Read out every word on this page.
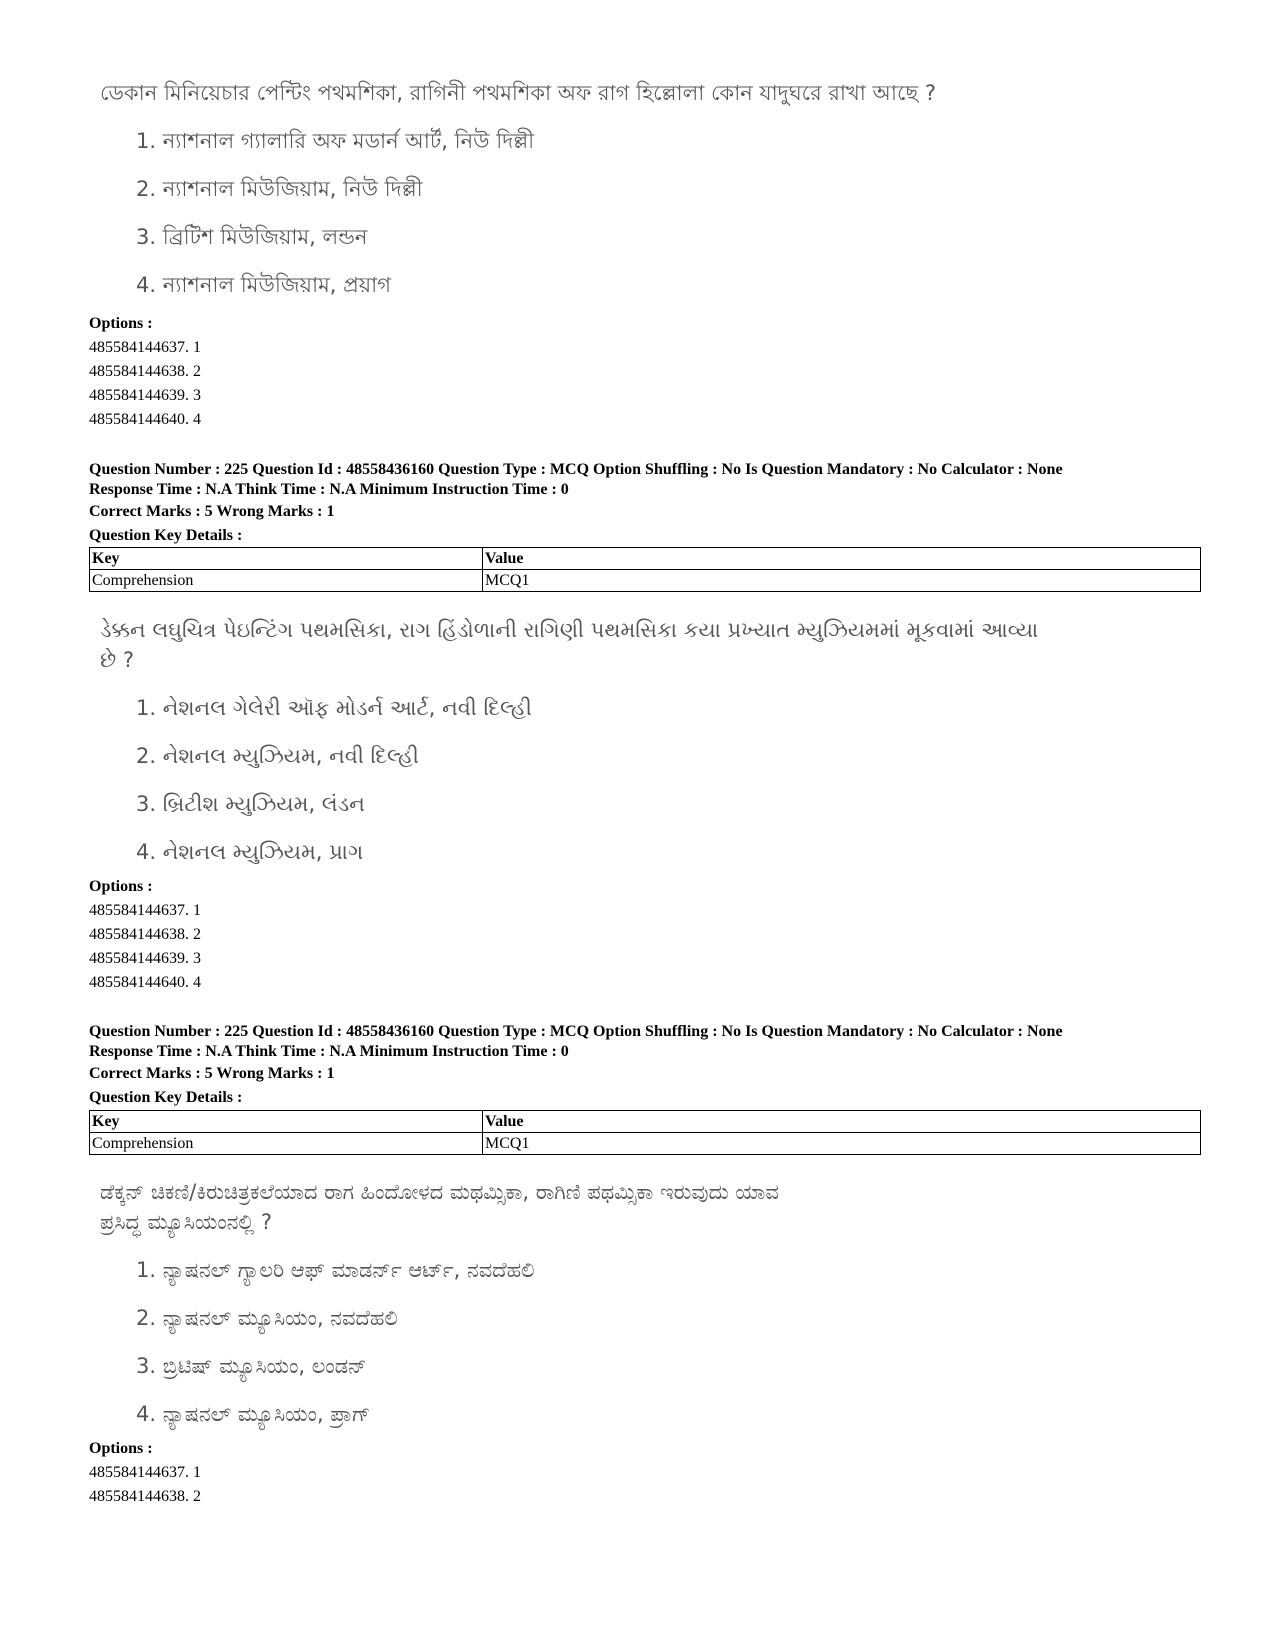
ডেকান মিনিয়েচার পেন্টিং পথমশিকা, রাগিনী পথমশিকা অফ রাগ হিল্লোলা কোন যাদুঘরে রাখা আছে ?
1. ন্যাশনাল গ্যালারি অফ মডার্ন আর্ট, নিউ দিল্লী
2. ন্যাশনাল মিউজিয়াম, নিউ দিল্লী
3. ব্রিটিশ মিউজিয়াম, লন্ডন
4. ন্যাশনাল মিউজিয়াম, প্রয়াগ
Options :
485584144637. 1
485584144638. 2
485584144639. 3
485584144640. 4
Question Number : 225 Question Id : 48558436160 Question Type : MCQ Option Shuffling : No Is Question Mandatory : No Calculator : None
Response Time : N.A Think Time : N.A Minimum Instruction Time : 0
Correct Marks : 5 Wrong Marks : 1
Question Key Details :
Key	Value
Comprehension	MCQ1
ડેક્કન લઘુચિત્ર પેઇન્ટિંગ પથમસિકા, રાગ હિંડોળાની રાગિણી પથમસિકા કયા પ્રખ્યાત મ્યુઝિયમમાં મૂકવામાં આવ્યા
છે ?
1. નેશનલ ગેલેરી ઑફ મોડર્ન આર્ટ, નવી દિલ્હી
2. નેશનલ મ્યુઝિયમ, નવી દિલ્હી
3. બ્રિટીશ મ્યુઝિયમ, લંડન
4. નેશનલ મ્યુઝિયમ, પ્રાગ
Options :
485584144637. 1
485584144638. 2
485584144639. 3
485584144640. 4
Question Number : 225 Question Id : 48558436160 Question Type : MCQ Option Shuffling : No Is Question Mandatory : No Calculator : None
Response Time : N.A Think Time : N.A Minimum Instruction Time : 0
Correct Marks : 5 Wrong Marks : 1
Question Key Details :
Key	Value
Comprehension	MCQ1
ಡೆಕ್ಕನ್ ಚಿಕಣಿ/ಕಿರುಚಿತ್ರಕಲೆಯಾದ ರಾಗ ಹಿಂದೋಳದ ಮಥಮ್ಸಿಕಾ, ರಾಗಿಣಿ ಪಥಮ್ಸಿಕಾ ಇರುವುದು ಯಾವ
ಪ್ರಸಿದ್ಧ ಮ್ಯೂಸಿಯಂನಲ್ಲಿ ?
1. ನ್ಯಾಷನಲ್ ಗ್ಯಾಲರಿ ಆಫ್ ಮಾಡರ್ನ್ ಆರ್ಟ್, ನವದೆಹಲಿ
2. ನ್ಯಾಷನಲ್ ಮ್ಯೂಸಿಯಂ, ನವದೆಹಲಿ
3. ಬ್ರಿಟಿಷ್ ಮ್ಯೂಸಿಯಂ, ಲಂಡನ್
4. ನ್ಯಾಷನಲ್ ಮ್ಯೂಸಿಯಂ, ಪ್ರಾಗ್
Options :
485584144637. 1
485584144638. 2
